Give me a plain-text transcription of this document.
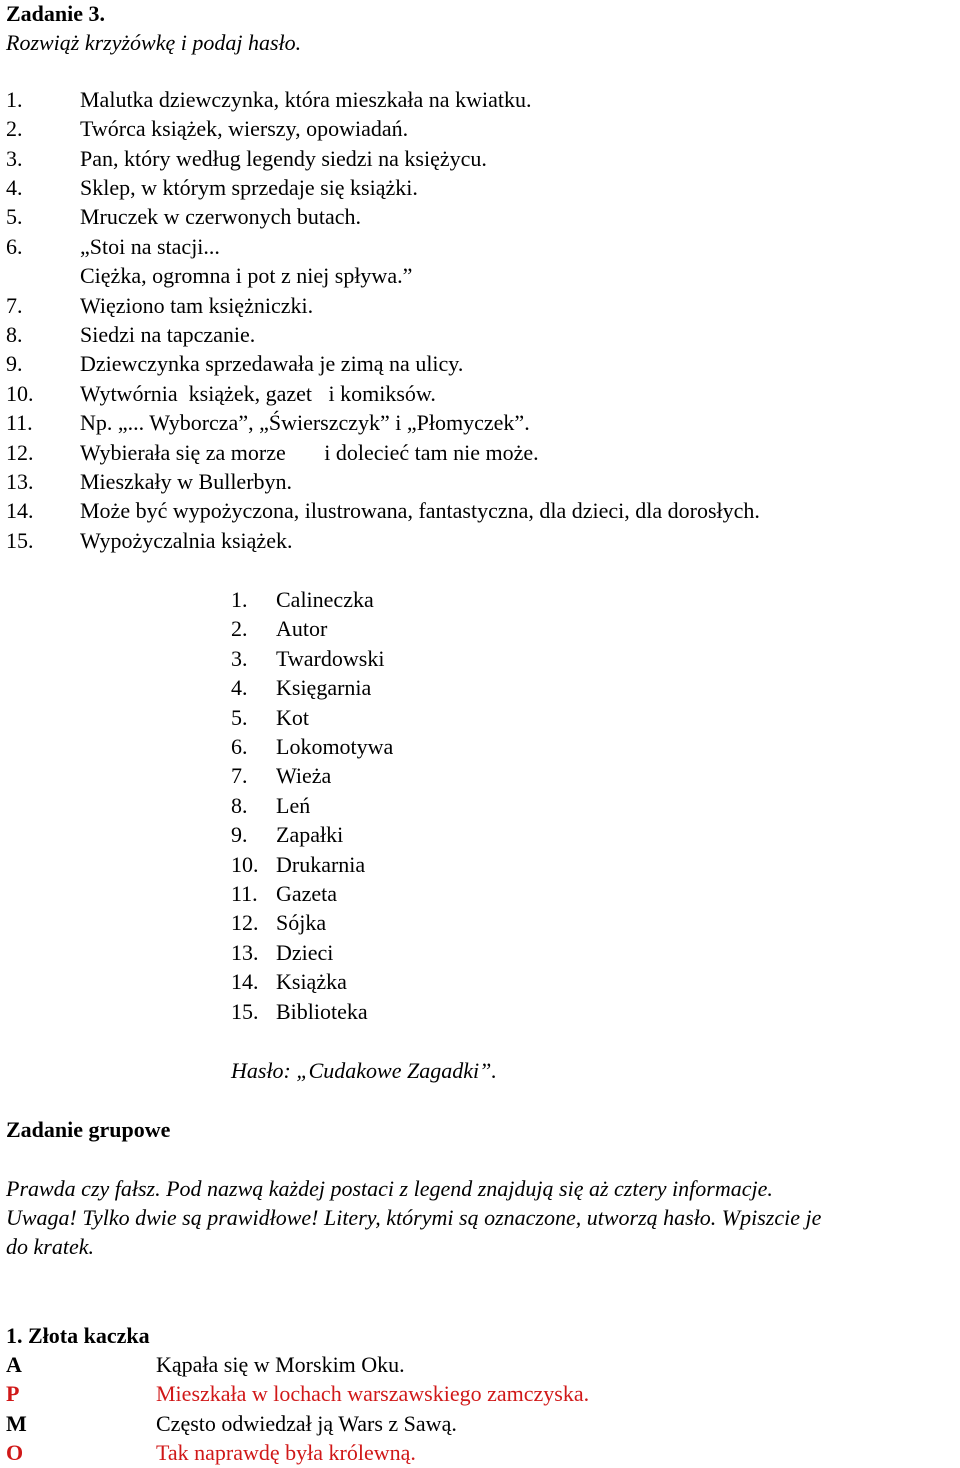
Zadanie 3.
Rozwiąż krzyżówkę i podaj hasło.
1.	Malutka dziewczynka, która mieszkała na kwiatku.
2.	Twórca książek, wierszy, opowiadań.
3.	Pan, który według legendy siedzi na księżycu.
4.	Sklep, w którym sprzedaje się książki.
5.	Mruczek w czerwonych butach.
6.	„Stoi na stacji...
Ciężka, ogromna i pot z niej spływa.”
7.	Więziono tam księżniczki.
8.	Siedzi na tapczanie.
9.	Dziewczynka sprzedawała je zimą na ulicy.
10. Wytwórnia  książek, gazet   i komiksów.
11. Np. „... Wyborcza”, „Świerszczyk” i „Płomyczek”.
12. Wybierała się za morze       i dolecieć tam nie może.
13. Mieszkały w Bullerbyn.
14. Może być wypożyczona, ilustrowana, fantastyczna, dla dzieci, dla dorosłych.
15. Wypożyczalnia książek.
1. Calineczka
2. Autor
3. Twardowski
4. Księgarnia
5. Kot
6. Lokomotywa
7. Wieża
8. Leń
9. Zapałki
10. Drukarnia
11. Gazeta
12. Sójka
13. Dzieci
14. Książka
15. Biblioteka
Hasło: „Cudakowe Zagadki”.
Zadanie grupowe
Prawda czy fałsz. Pod nazwą każdej postaci z legend znajdują się aż cztery informacje.
Uwaga! Tylko dwie są prawidłowe! Litery, którymi są oznaczone, utworzą hasło. Wpiszcie je
do kratek.
1. Złota kaczka
A	Kąpała się w Morskim Oku.
P	Mieszkała w lochach warszawskiego zamczyska.
M	Często odwiedzał ją Wars z Sawą.
O	Tak naprawdę była królewną.
